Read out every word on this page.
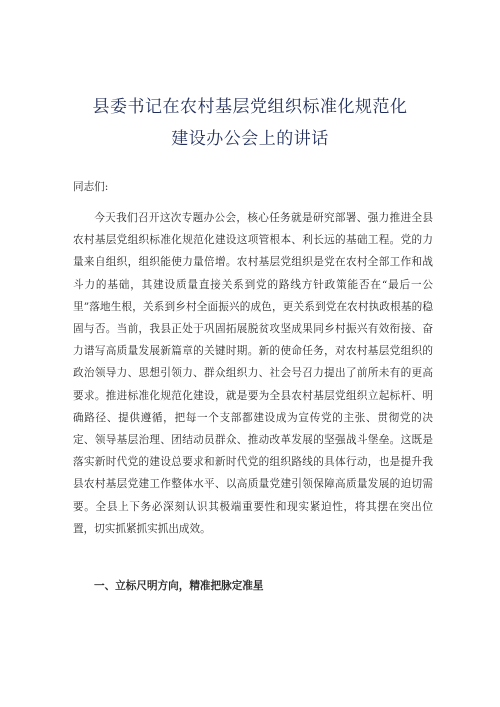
县委书记在农村基层党组织标准化规范化
建设办公会上的讲话
同志们:

今天我们召开这次专题办公会，核心任务就是研究部署、强力推进全县农村基层党组织标准化规范化建设这项管根本、利长远的基础工程。党的力量来自组织，组织能使力量倍增。农村基层党组织是党在农村全部工作和战斗力的基础，其建设质量直接关系到党的路线方针政策能否在“最后一公里”落地生根，关系到乡村全面振兴的成色，更关系到党在农村执政根基的稳固与否。当前，我县正处于巩固拓展脱贫攻坚成果同乡村振兴有效衔接、奋力谱写高质量发展新篇章的关键时期。新的使命任务，对农村基层党组织的政治领导力、思想引领力、群众组织力、社会号召力提出了前所未有的更高要求。推进标准化规范化建设，就是要为全县农村基层党组织立起标杆、明确路径、提供遵循，把每一个支部都建设成为宣传党的主张、贯彻党的决定、领导基层治理、团结动员群众、推动改革发展的坚强战斗堡垒。这既是落实新时代党的建设总要求和新时代党的组织路线的具体行动，也是提升我县农村基层党建工作整体水平、以高质量党建引领保障高质量发展的迫切需要。全县上下务必深刻认识其极端重要性和现实紧迫性，将其摆在突出位置，切实抓紧抓实抓出成效。

一、立标尺明方向，精准把脉定准星
